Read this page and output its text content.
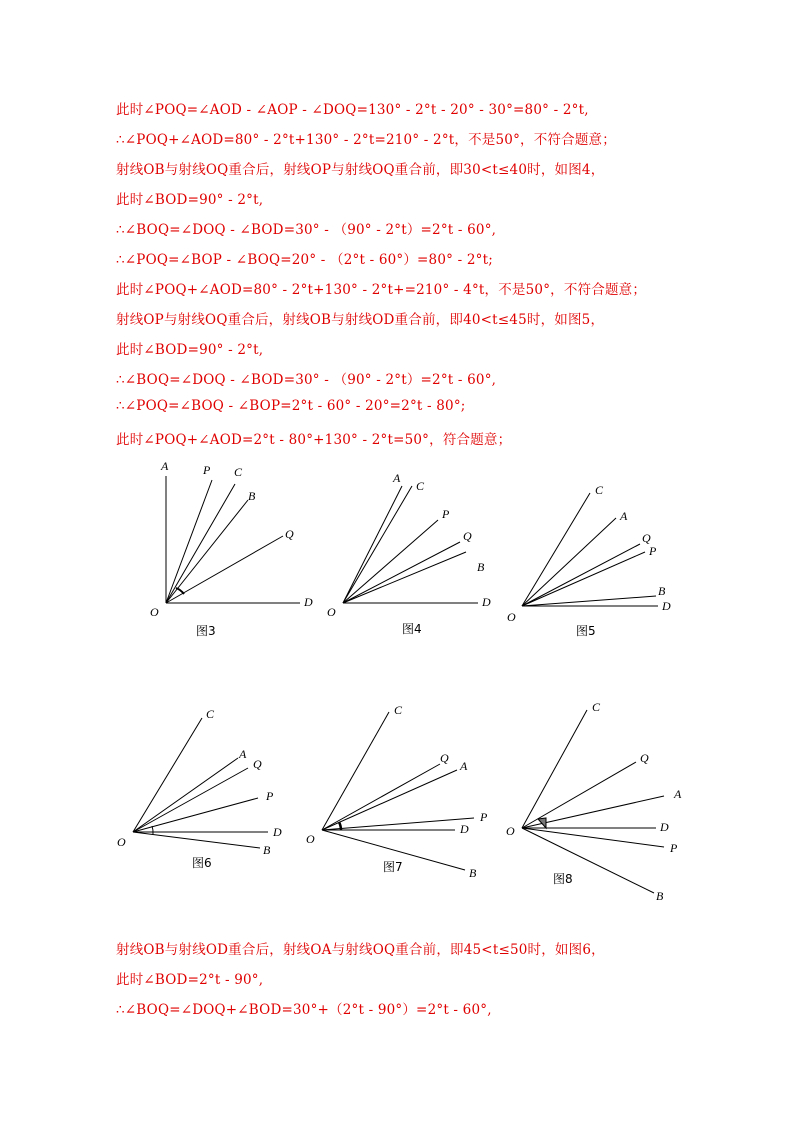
此时∠POQ=∠AOD - ∠AOP - ∠DOQ=130° - 2°t - 20° - 30°=80° - 2°t,
∴∠POQ+∠AOD=80° - 2°t+130° - 2°t=210° - 2°t，不是50°，不符合题意；
射线OB与射线OQ重合后，射线OP与射线OQ重合前，即30<t≤40时，如图4，
此时∠BOD=90° - 2°t,
∴∠BOQ=∠DOQ - ∠BOD=30° - （90° - 2°t）=2°t - 60°,
∴∠POQ=∠BOP - ∠BOQ=20° - （2°t - 60°）=80° - 2°t;
此时∠POQ+∠AOD=80° - 2°t+130° - 2°t+=210° - 4°t，不是50°，不符合题意；
射线OP与射线OQ重合后，射线OB与射线OD重合前，即40<t≤45时，如图5，
此时∠BOD=90° - 2°t,
∴∠BOQ=∠DOQ - ∠BOD=30° - （90° - 2°t）=2°t - 60°,
∴∠POQ=∠BOQ - ∠BOP=2°t - 60° - 20°=2°t - 80°;
此时∠POQ+∠AOD=2°t - 80°+130° - 2°t=50°，符合题意；
A	P C
B
Q
O
D
图3
A
C
P
Q
B
O
D
图4
C
A
Q
P
B
O
D
图5
C
A
Q
P
D
B
O
图6
C
Q
A
P
D
B
O
图7
C
Q
A
D
P
B
O
图8
射线OB与射线OD重合后，射线OA与射线OQ重合前，即45<t≤50时，如图6，
此时∠BOD=2°t - 90°,
∴∠BOQ=∠DOQ+∠BOD=30°+（2°t - 90°）=2°t - 60°,
